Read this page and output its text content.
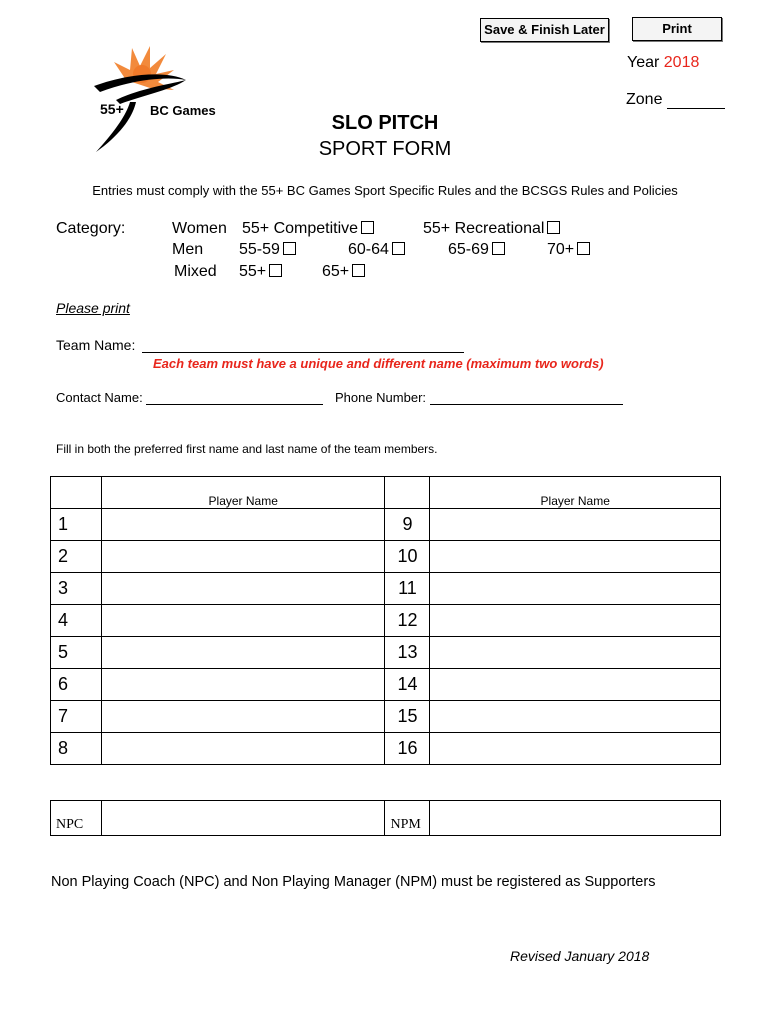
Save & Finish Later	Print
55+ BC Games
Year 2018
Zone
SLO PITCH
SPORT FORM
Entries must comply with the 55+ BC Games Sport Specific Rules and the BCSGS Rules and Policies
Category:	Women 55+ Competitive	55+ Recreational
Men 55-59	60-64	65-69	70+
Mixed 55+	65+
Please print
Team Name:
Each team must have a unique and different name (maximum two words)
Contact Name:	Phone Number:
Fill in both the preferred first name and last name of the team members.
	Player Name		Player Name
1		9	
2		10	
3		11	
4		12	
5		13	
6		14	
7		15	
8		16	
NPC		NPM	
Non Playing Coach (NPC) and Non Playing Manager (NPM) must be registered as Supporters
Revised January 2018
